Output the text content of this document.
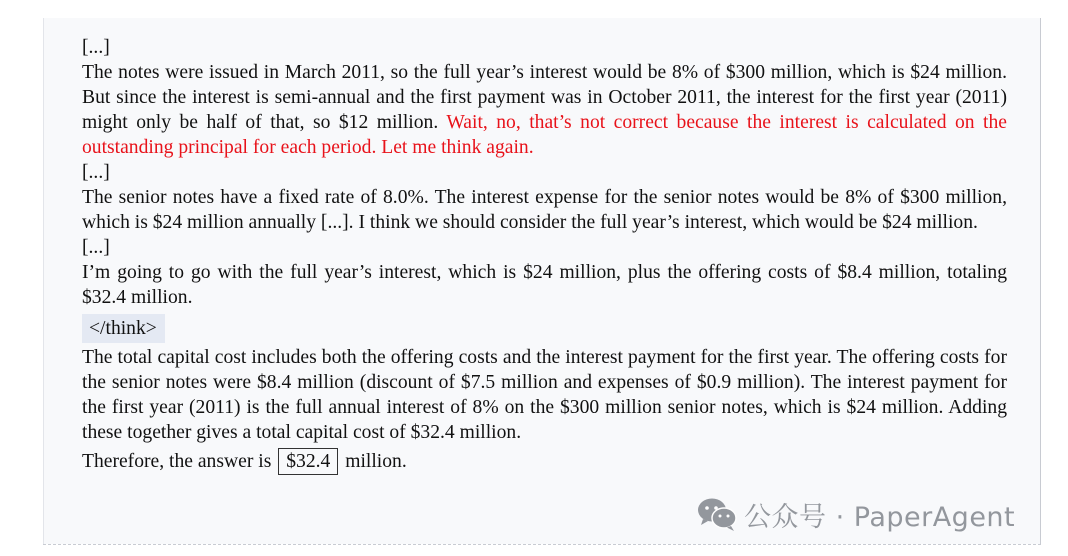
[...]

The notes were issued in March 2011, so the full year’s interest would be 8% of $300 million, which is $24 million. But since the interest is semi-annual and the first payment was in October 2011, the interest for the first year (2011) might only be half of that, so $12 million. Wait, no, that’s not correct because the interest is calculated on the outstanding principal for each period. Let me think again.

[...]

The senior notes have a fixed rate of 8.0%. The interest expense for the senior notes would be 8% of $300 million, which is $24 million annually [...]. I think we should consider the full year’s interest, which would be $24 million.

[...]

I’m going to go with the full year’s interest, which is $24 million, plus the offering costs of $8.4 million, totaling $32.4 million.

</think>

The total capital cost includes both the offering costs and the interest payment for the first year. The offering costs for the senior notes were $8.4 million (discount of $7.5 million and expenses of $0.9 million). The interest payment for the first year (2011) is the full annual interest of 8% on the $300 million senior notes, which is $24 million. Adding these together gives a total capital cost of $32.4 million.

Therefore, the answer is $32.4 million.

公众号 · PaperAgent
